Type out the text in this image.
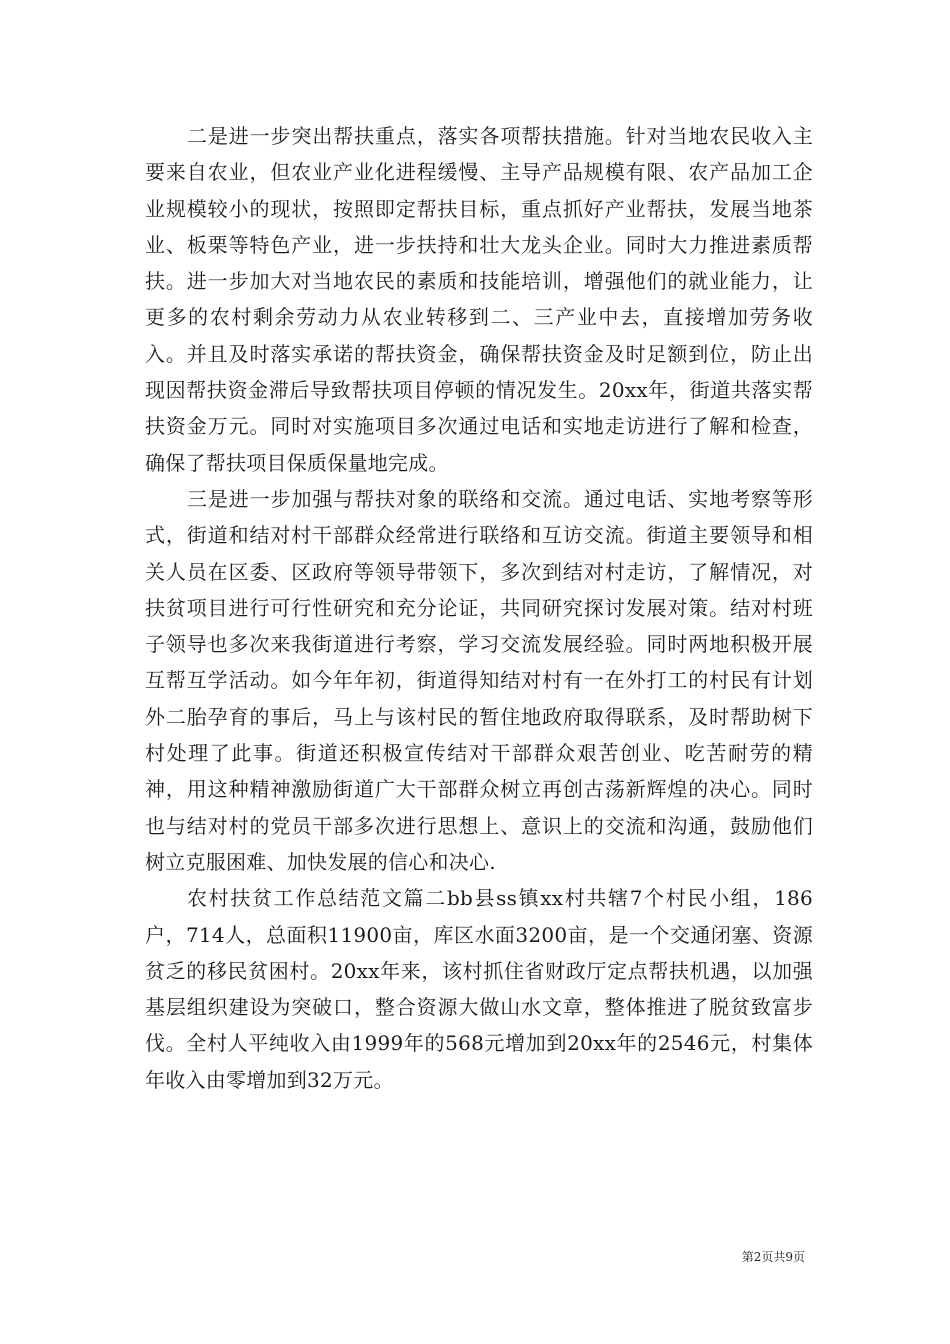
二是进一步突出帮扶重点，落实各项帮扶措施。针对当地农民收入主要来自农业，但农业产业化进程缓慢、主导产品规模有限、农产品加工企业规模较小的现状，按照即定帮扶目标，重点抓好产业帮扶，发展当地茶业、板栗等特色产业，进一步扶持和壮大龙头企业。同时大力推进素质帮扶。进一步加大对当地农民的素质和技能培训，增强他们的就业能力，让更多的农村剩余劳动力从农业转移到二、三产业中去，直接增加劳务收入。并且及时落实承诺的帮扶资金，确保帮扶资金及时足额到位，防止出现因帮扶资金滞后导致帮扶项目停顿的情况发生。20xx年，街道共落实帮扶资金万元。同时对实施项目多次通过电话和实地走访进行了解和检查，确保了帮扶项目保质保量地完成。

三是进一步加强与帮扶对象的联络和交流。通过电话、实地考察等形式，街道和结对村干部群众经常进行联络和互访交流。街道主要领导和相关人员在区委、区政府等领导带领下，多次到结对村走访，了解情况，对扶贫项目进行可行性研究和充分论证，共同研究探讨发展对策。结对村班子领导也多次来我街道进行考察，学习交流发展经验。同时两地积极开展互帮互学活动。如今年年初，街道得知结对村有一在外打工的村民有计划外二胎孕育的事后，马上与该村民的暂住地政府取得联系，及时帮助树下村处理了此事。街道还积极宣传结对干部群众艰苦创业、吃苦耐劳的精神，用这种精神激励街道广大干部群众树立再创古荡新辉煌的决心。同时也与结对村的党员干部多次进行思想上、意识上的交流和沟通，鼓励他们树立克服困难、加快发展的信心和决心.

农村扶贫工作总结范文篇二bb县ss镇xx村共辖7个村民小组，186户，714人，总面积11900亩，库区水面3200亩，是一个交通闭塞、资源贫乏的移民贫困村。20xx年来，该村抓住省财政厅定点帮扶机遇，以加强基层组织建设为突破口，整合资源大做山水文章，整体推进了脱贫致富步伐。全村人平纯收入由1999年的568元增加到20xx年的2546元，村集体年收入由零增加到32万元。

第2页共9页
